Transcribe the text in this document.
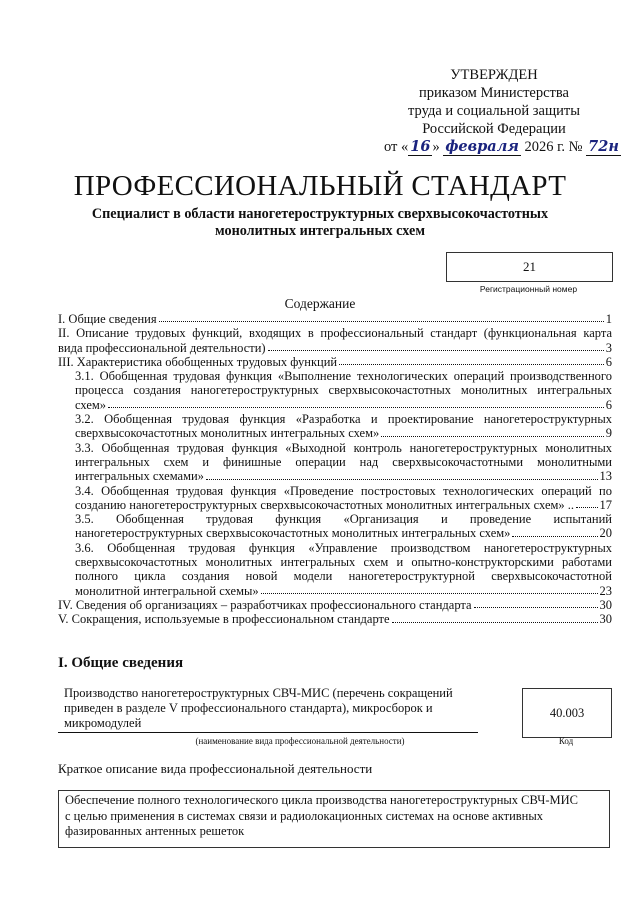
УТВЕРЖДЕН
приказом Министерства
труда и социальной защиты
Российской Федерации
от « 16 » февраля 2026 г. № 72н
ПРОФЕССИОНАЛЬНЫЙ СТАНДАРТ
Специалист в области наногетероструктурных сверхвысокочастотных
монолитных интегральных схем
21
Регистрационный номер
Содержание
I. Общие сведения	1
II. Описание трудовых функций, входящих в профессиональный стандарт (функциональная карта
вида профессиональной деятельности)	3
III. Характеристика обобщенных трудовых функций	6
3.1. Обобщенная трудовая функция «Выполнение технологических операций производственного
процесса создания наногетероструктурных сверхвысокочастотных монолитных интегральных
схем»	6
3.2. Обобщенная трудовая функция «Разработка и проектирование наногетероструктурных
сверхвысокочастотных монолитных интегральных схем»	9
3.3. Обобщенная трудовая функция «Выходной контроль наногетероструктурных монолитных
интегральных схем и финишные операции над сверхвысокочастотными монолитными
интегральных схемами»	13
3.4. Обобщенная трудовая функция «Проведение постростовых технологических операций по
созданию наногетероструктурных сверхвысокочастотных монолитных интегральных схем» .. 17
3.5. Обобщенная трудовая функция «Организация и проведение испытаний
наногетероструктурных сверхвысокочастотных монолитных интегральных схем»	20
3.6. Обобщенная трудовая функция «Управление производством наногетероструктурных
сверхвысокочастотных монолитных интегральных схем и опытно-конструкторскими работами
полного цикла создания новой модели наногетероструктурной сверхвысокочастотной
монолитной интегральной схемы»	23
IV. Сведения об организациях – разработчиках профессионального стандарта	30
V. Сокращения, используемые в профессиональном стандарте	30
I. Общие сведения
Производство наногетероструктурных СВЧ-МИС (перечень сокращений
приведен в разделе V профессионального стандарта), микросборок и
микромодулей
40.003
(наименование вида профессиональной деятельности)	Код
Краткое описание вида профессиональной деятельности
Обеспечение полного технологического цикла производства наногетероструктурных СВЧ-МИС
с целью применения в системах связи и радиолокационных системах на основе активных
фазированных антенных решеток
